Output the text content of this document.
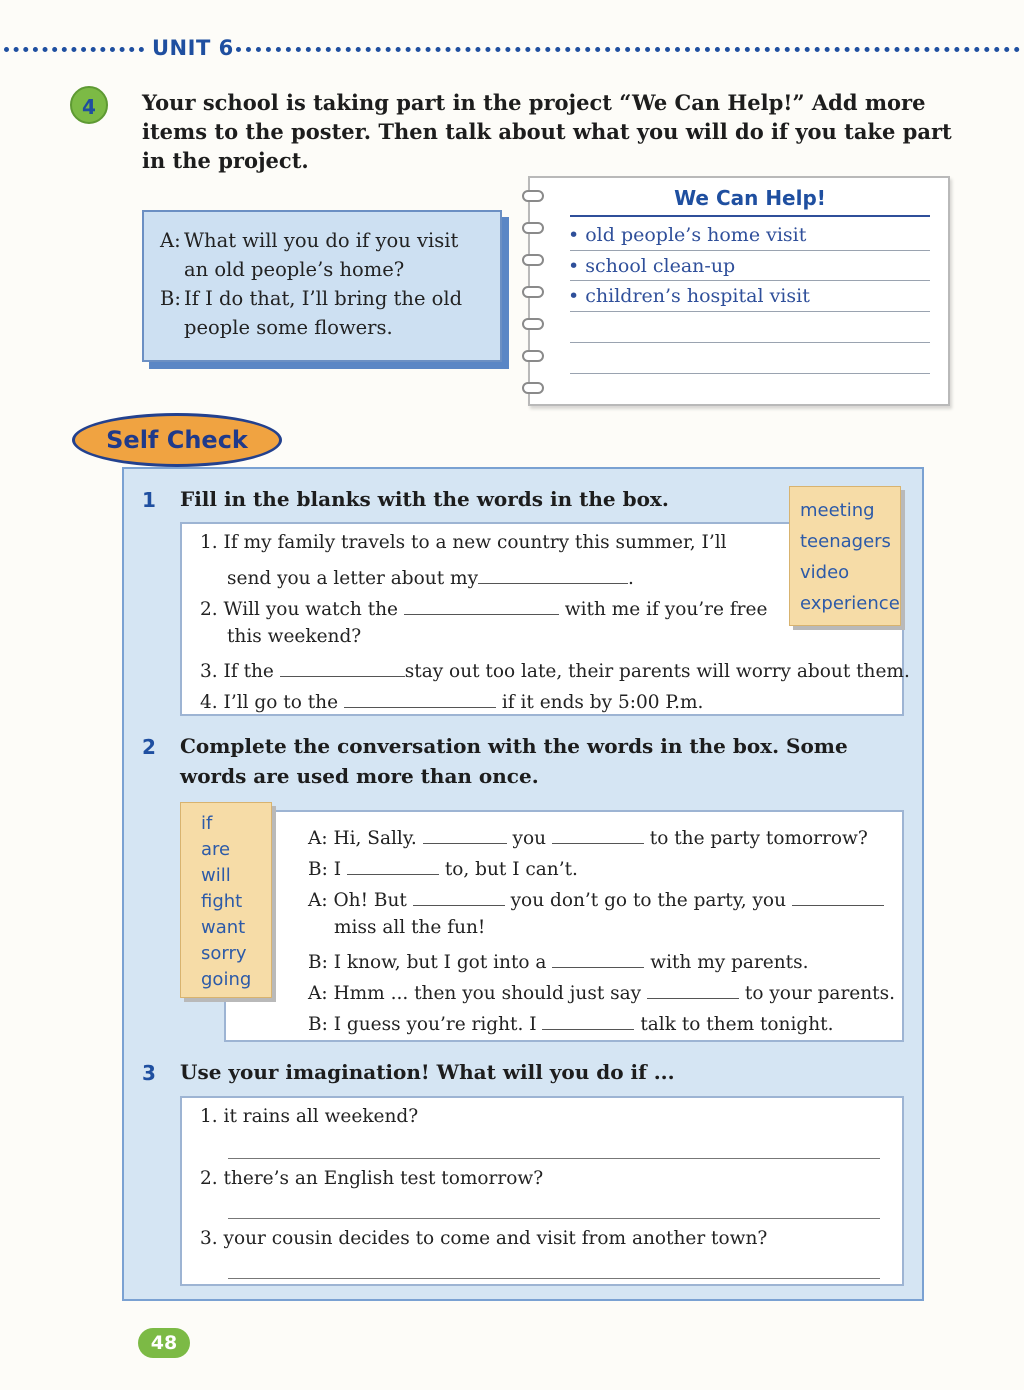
UNIT 6
4	Your school is taking part in the project “We Can Help!” Add more items to the poster. Then talk about what you will do if you take part in the project.
A: What will you do if you visit
an old people’s home?
B: If I do that, I’ll bring the old
people some flowers.
We Can Help!
• old people’s home visit
• school clean-up
• children’s hospital visit
Self Check
1 Fill in the blanks with the words in the box.
1. If my family travels to a new country this summer, I’ll
send you a letter about my	.
2. Will you watch the	with me if you’re free
this weekend?
3. If the	stay out too late, their parents will worry about them.
4. I’ll go to the	if it ends by 5:00 P.m.
meeting
teenagers
video
experience
2 Complete the conversation with the words in the box. Some
words are used more than once.
A: Hi, Sally.	you	to the party tomorrow?
B: I	to, but I can’t.
A: Oh! But	you don’t go to the party, you
miss all the fun!
B: I know, but I got into a	with my parents.
A: Hmm ... then you should just say	to your parents.
B: I guess you’re right. I	talk to them tonight.
if
are
will
fight
want
sorry
going
3 Use your imagination! What will you do if ...
1. it rains all weekend?
2. there’s an English test tomorrow?
3. your cousin decides to come and visit from another town?
48
